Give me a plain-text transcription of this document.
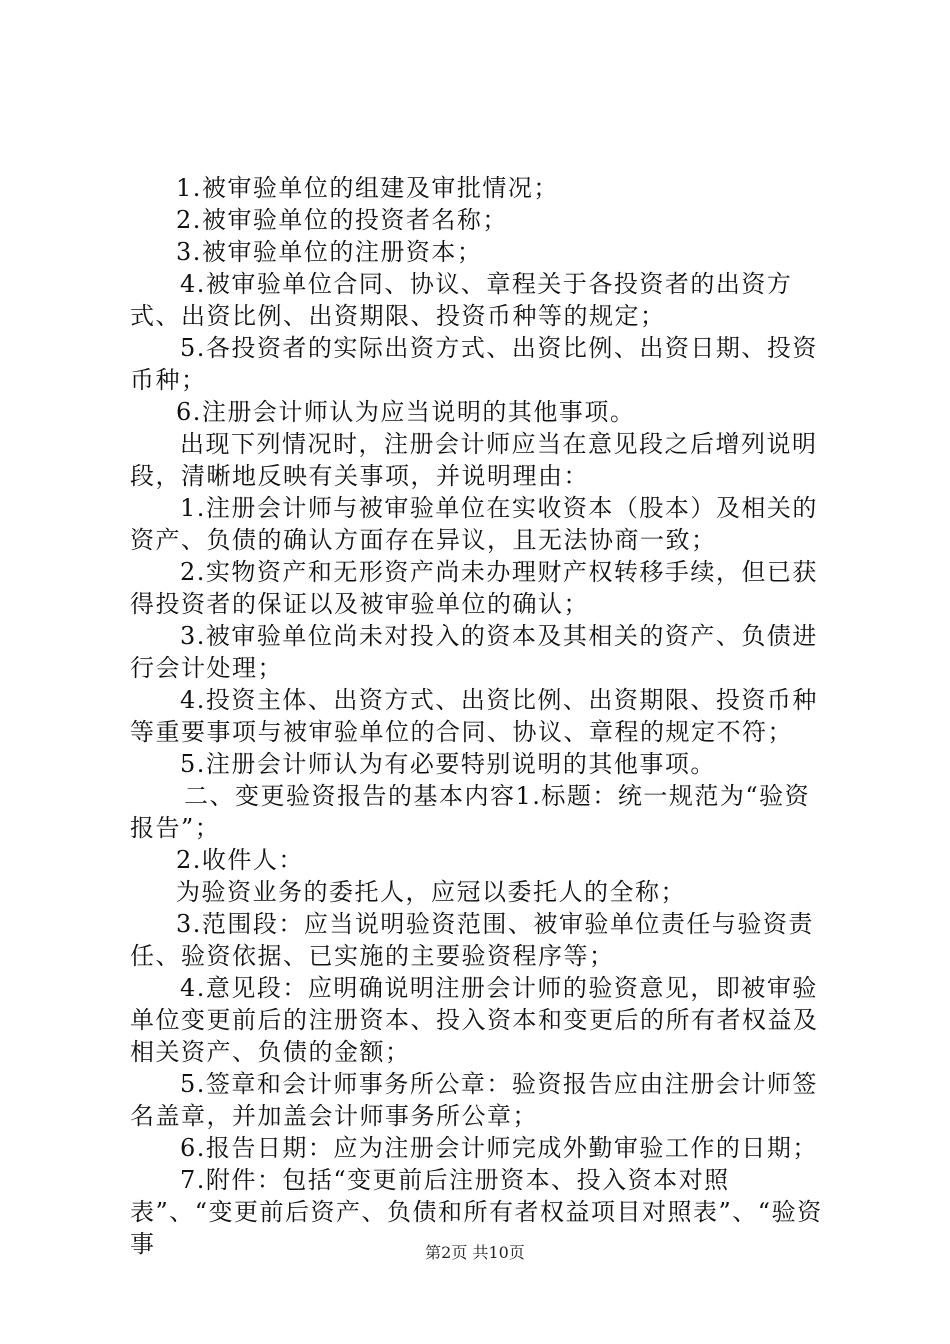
1.被审验单位的组建及审批情况；

2.被审验单位的投资者名称；

3.被审验单位的注册资本；

4.被审验单位合同、协议、章程关于各投资者的出资方式、出资比例、出资期限、投资币种等的规定；

5.各投资者的实际出资方式、出资比例、出资日期、投资币种；

6.注册会计师认为应当说明的其他事项。

出现下列情况时，注册会计师应当在意见段之后增列说明段，清晰地反映有关事项，并说明理由：

1.注册会计师与被审验单位在实收资本（股本）及相关的资产、负债的确认方面存在异议，且无法协商一致；

2.实物资产和无形资产尚未办理财产权转移手续，但已获得投资者的保证以及被审验单位的确认；

3.被审验单位尚未对投入的资本及其相关的资产、负债进行会计处理；

4.投资主体、出资方式、出资比例、出资期限、投资币种等重要事项与被审验单位的合同、协议、章程的规定不符；

5.注册会计师认为有必要特别说明的其他事项。

二、变更验资报告的基本内容1.标题：统一规范为“验资报告”；

2.收件人：

为验资业务的委托人，应冠以委托人的全称；

3.范围段：应当说明验资范围、被审验单位责任与验资责任、验资依据、已实施的主要验资程序等；

4.意见段：应明确说明注册会计师的验资意见，即被审验单位变更前后的注册资本、投入资本和变更后的所有者权益及相关资产、负债的金额；

5.签章和会计师事务所公章：验资报告应由注册会计师签名盖章，并加盖会计师事务所公章；

6.报告日期：应为注册会计师完成外勤审验工作的日期；

7.附件：包括“变更前后注册资本、投入资本对照表”、“变更前后资产、负债和所有者权益项目对照表”、“验资事	第2页 共10页
